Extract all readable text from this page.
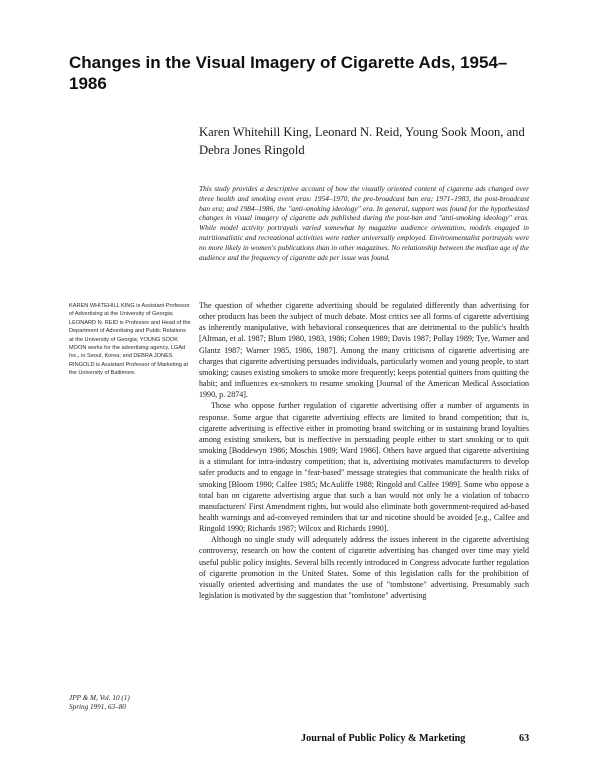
Changes in the Visual Imagery of Cigarette Ads, 1954–1986
Karen Whitehill King, Leonard N. Reid, Young Sook Moon, and Debra Jones Ringold
This study provides a descriptive account of how the visually oriented content of cigarette ads changed over three health and smoking event eras: 1954–1970, the pre-broadcast ban era; 1971–1983, the post-broadcast ban era; and 1984–1986, the "anti-smoking ideology" era. In general, support was found for the hypothesized changes in visual imagery of cigarette ads published during the post-ban and "anti-smoking ideology" eras. While model activity portrayals varied somewhat by magazine audience orientation, models engaged in nutritionalistic and recreational activities were rather universally employed. Environmentalist portrayals were no more likely in women's publications than in other magazines. No relationship between the median age of the audience and the frequency of cigarette ads per issue was found.
KAREN WHITEHILL KING is Assistant Professor of Advertising at the University of Georgia; LEONARD N. REID is Professor and Head of the Department of Advertising and Public Relations at the University of Georgia; YOUNG SOOK MOON works for the advertising agency, LGAd Inc., in Seoul, Korea; and DEBRA JONES RINGOLD is Assistant Professor of Marketing at the University of Baltimore.
JPP & M, Vol. 10 (1)
Spring 1991, 63–80

The question of whether cigarette advertising should be regulated differently than advertising for other products has been the subject of much debate. Most critics see all forms of cigarette advertising as inherently manipulative, with behavioral consequences that are detrimental to the public's health [Altman, et al. 1987; Blum 1980, 1983, 1986; Cohen 1989; Davis 1987; Pollay 1989; Tye, Warner and Glantz 1987; Warner 1985, 1986, 1987]. Among the many criticisms of cigarette advertising are charges that cigarette advertising persuades individuals, particularly women and young people, to start smoking; causes existing smokers to smoke more frequently; keeps potential quitters from quitting the habit; and influences ex-smokers to resume smoking [Journal of the American Medical Association 1990, p. 2874].

Those who oppose further regulation of cigarette advertising offer a number of arguments in response. Some argue that cigarette advertising effects are limited to brand competition; that is, cigarette advertising is effective either in promoting brand switching or in sustaining brand loyalties among existing smokers, but is ineffective in persuading people either to start smoking or to quit smoking [Boddewyn 1986; Moschis 1989; Ward 1986]. Others have argued that cigarette advertising is a stimulant for intra-industry competition; that is, advertising motivates manufacturers to develop safer products and to engage in "fear-based" message strategies that communicate the health risks of smoking [Bloom 1990; Calfee 1985; McAuliffe 1988; Ringold and Calfee 1989]. Some who oppose a total ban on cigarette advertising argue that such a ban would not only be a violation of tobacco manufacturers' First Amendment rights, but would also eliminate both government-required ad-based health warnings and ad-conveyed reminders that tar and nicotine should be avoided [e.g., Calfee and Ringold 1990; Richards 1987; Wilcox and Richards 1990].

Although no single study will adequately address the issues inherent in the cigarette advertising controversy, research on how the content of cigarette advertising has changed over time may yield useful public policy insights. Several bills recently introduced in Congress advocate further regulation of cigarette promotion in the United States. Some of this legislation calls for the prohibition of visually oriented advertising and mandates the use of "tombstone" advertising. Presumably such legislation is motivated by the suggestion that "tombstone" advertising

Journal of Public Policy & Marketing	63
